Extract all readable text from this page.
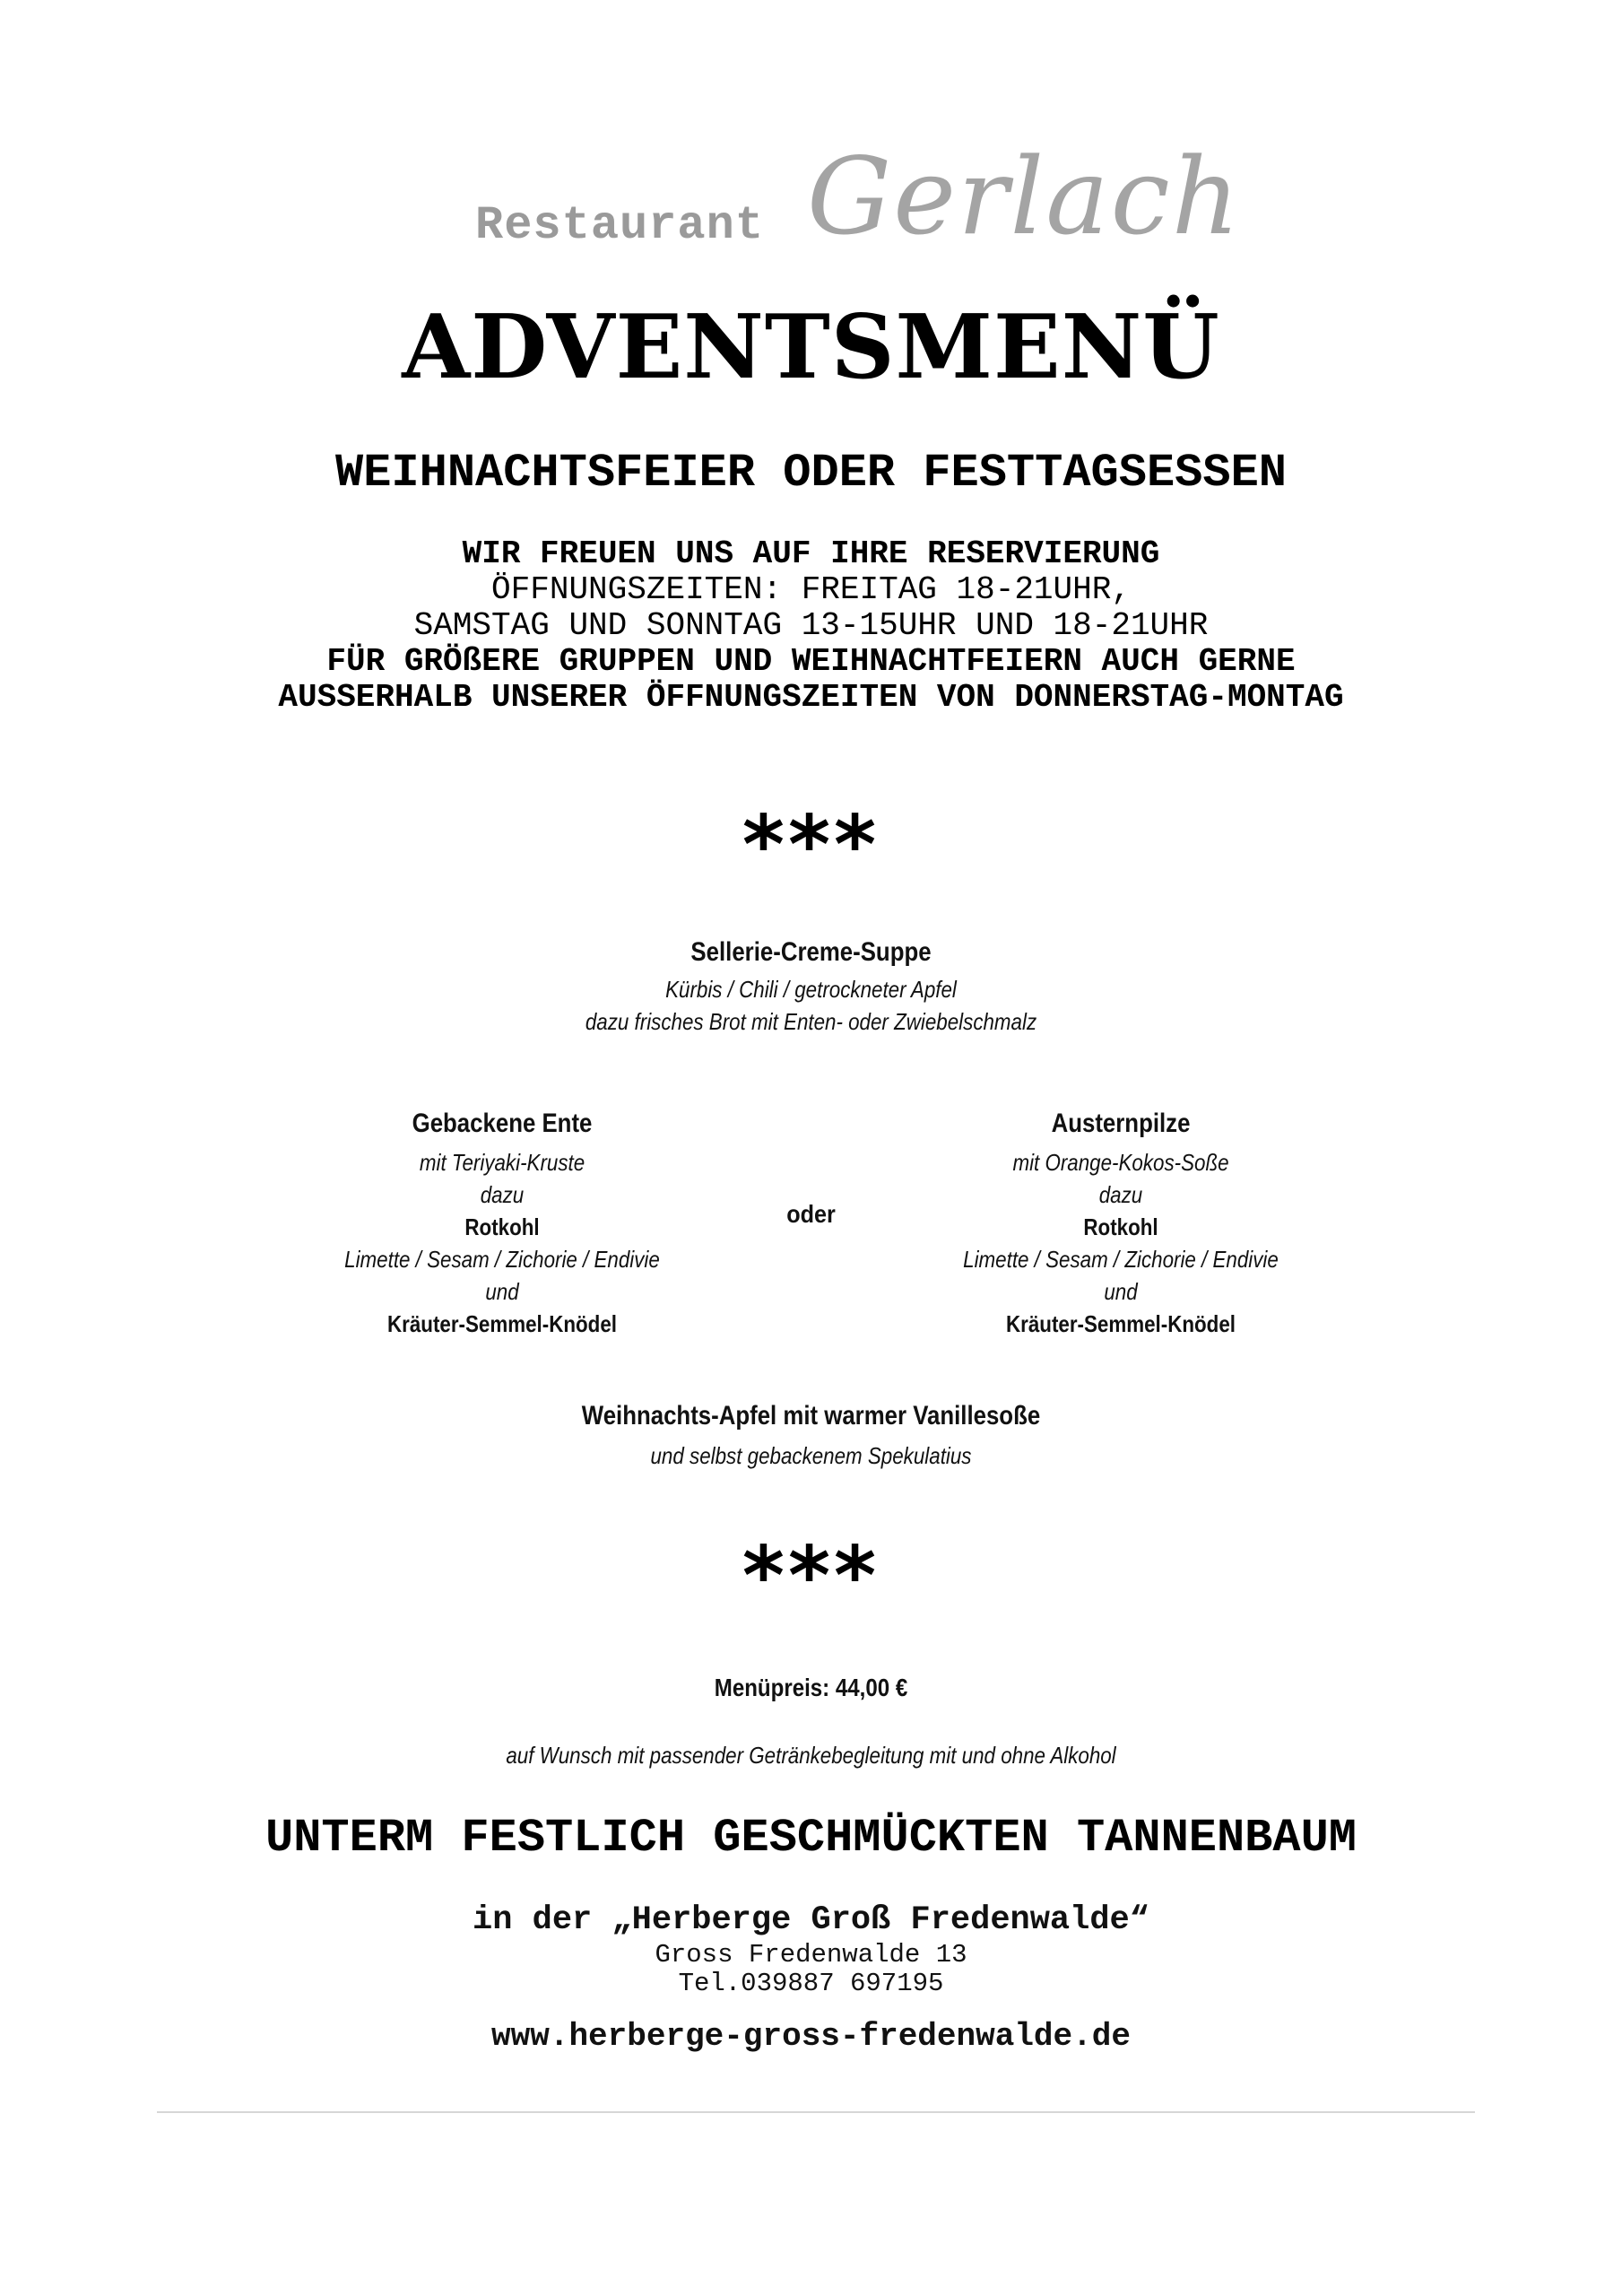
Restaurant Gerlach
ADVENTSMENÜ
WEIHNACHTSFEIER ODER FESTTAGSESSEN
WIR FREUEN UNS AUF IHRE RESERVIERUNG
ÖFFNUNGSZEITEN: FREITAG 18-21UHR,
SAMSTAG UND SONNTAG 13-15UHR UND 18-21UHR
FÜR GRÖßERE GRUPPEN UND WEIHNACHTFEIERN AUCH GERNE
AUSSERHALB UNSERER ÖFFNUNGSZEITEN VON DONNERSTAG-MONTAG
***
Sellerie-Creme-Suppe
Kürbis / Chili / getrockneter Apfel
dazu frisches Brot mit Enten- oder Zwiebelschmalz
Gebackene Ente
mit Teriyaki-Kruste
dazu
Rotkohl
Limette / Sesam / Zichorie / Endivie
und
Kräuter-Semmel-Knödel
oder
Austernpilze
mit Orange-Kokos-Soße
dazu
Rotkohl
Limette / Sesam / Zichorie / Endivie
und
Kräuter-Semmel-Knödel
Weihnachts-Apfel mit warmer Vanillesoße
und selbst gebackenem Spekulatius
***
Menüpreis: 44,00 €
auf Wunsch mit passender Getränkebegleitung mit und ohne Alkohol
UNTERM FESTLICH GESCHMÜCKTEN TANNENBAUM
in der „Herberge Groß Fredenwalde“
Gross Fredenwalde 13
Tel.039887 697195
www.herberge-gross-fredenwalde.de
